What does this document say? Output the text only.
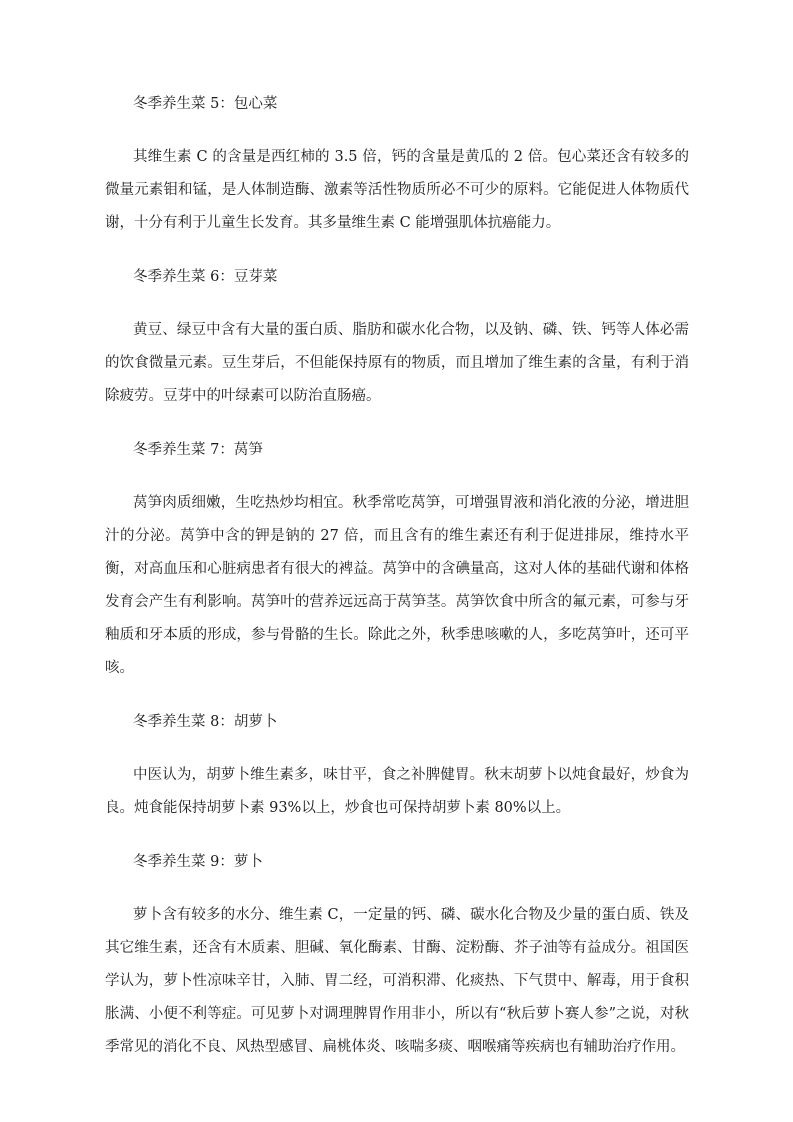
冬季养生菜 5：包心菜

其维生素 C 的含量是西红柿的 3.5 倍，钙的含量是黄瓜的 2 倍。包心菜还含有较多的微量元素钼和锰，是人体制造酶、激素等活性物质所必不可少的原料。它能促进人体物质代谢，十分有利于儿童生长发育。其多量维生素 C 能增强肌体抗癌能力。

冬季养生菜 6：豆芽菜

黄豆、绿豆中含有大量的蛋白质、脂肪和碳水化合物，以及钠、磷、铁、钙等人体必需的饮食微量元素。豆生芽后，不但能保持原有的物质，而且增加了维生素的含量，有利于消除疲劳。豆芽中的叶绿素可以防治直肠癌。

冬季养生菜 7：莴笋

莴笋肉质细嫩，生吃热炒均相宜。秋季常吃莴笋，可增强胃液和消化液的分泌，增进胆汁的分泌。莴笋中含的钾是钠的 27 倍，而且含有的维生素还有利于促进排尿，维持水平衡，对高血压和心脏病患者有很大的裨益。莴笋中的含碘量高，这对人体的基础代谢和体格发育会产生有利影响。莴笋叶的营养远远高于莴笋茎。莴笋饮食中所含的氟元素，可参与牙釉质和牙本质的形成，参与骨骼的生长。除此之外，秋季患咳嗽的人，多吃莴笋叶，还可平咳。

冬季养生菜 8：胡萝卜

中医认为，胡萝卜维生素多，味甘平，食之补脾健胃。秋末胡萝卜以炖食最好，炒食为良。炖食能保持胡萝卜素 93%以上，炒食也可保持胡萝卜素 80%以上。

冬季养生菜 9：萝卜

萝卜含有较多的水分、维生素 C，一定量的钙、磷、碳水化合物及少量的蛋白质、铁及其它维生素，还含有木质素、胆碱、氧化酶素、甘酶、淀粉酶、芥子油等有益成分。祖国医学认为，萝卜性凉味辛甘，入肺、胃二经，可消积滞、化痰热、下气贯中、解毒，用于食积胀满、小便不利等症。可见萝卜对调理脾胃作用非小，所以有“秋后萝卜赛人参”之说，对秋季常见的消化不良、风热型感冒、扁桃体炎、咳喘多痰、咽喉痛等疾病也有辅助治疗作用。
